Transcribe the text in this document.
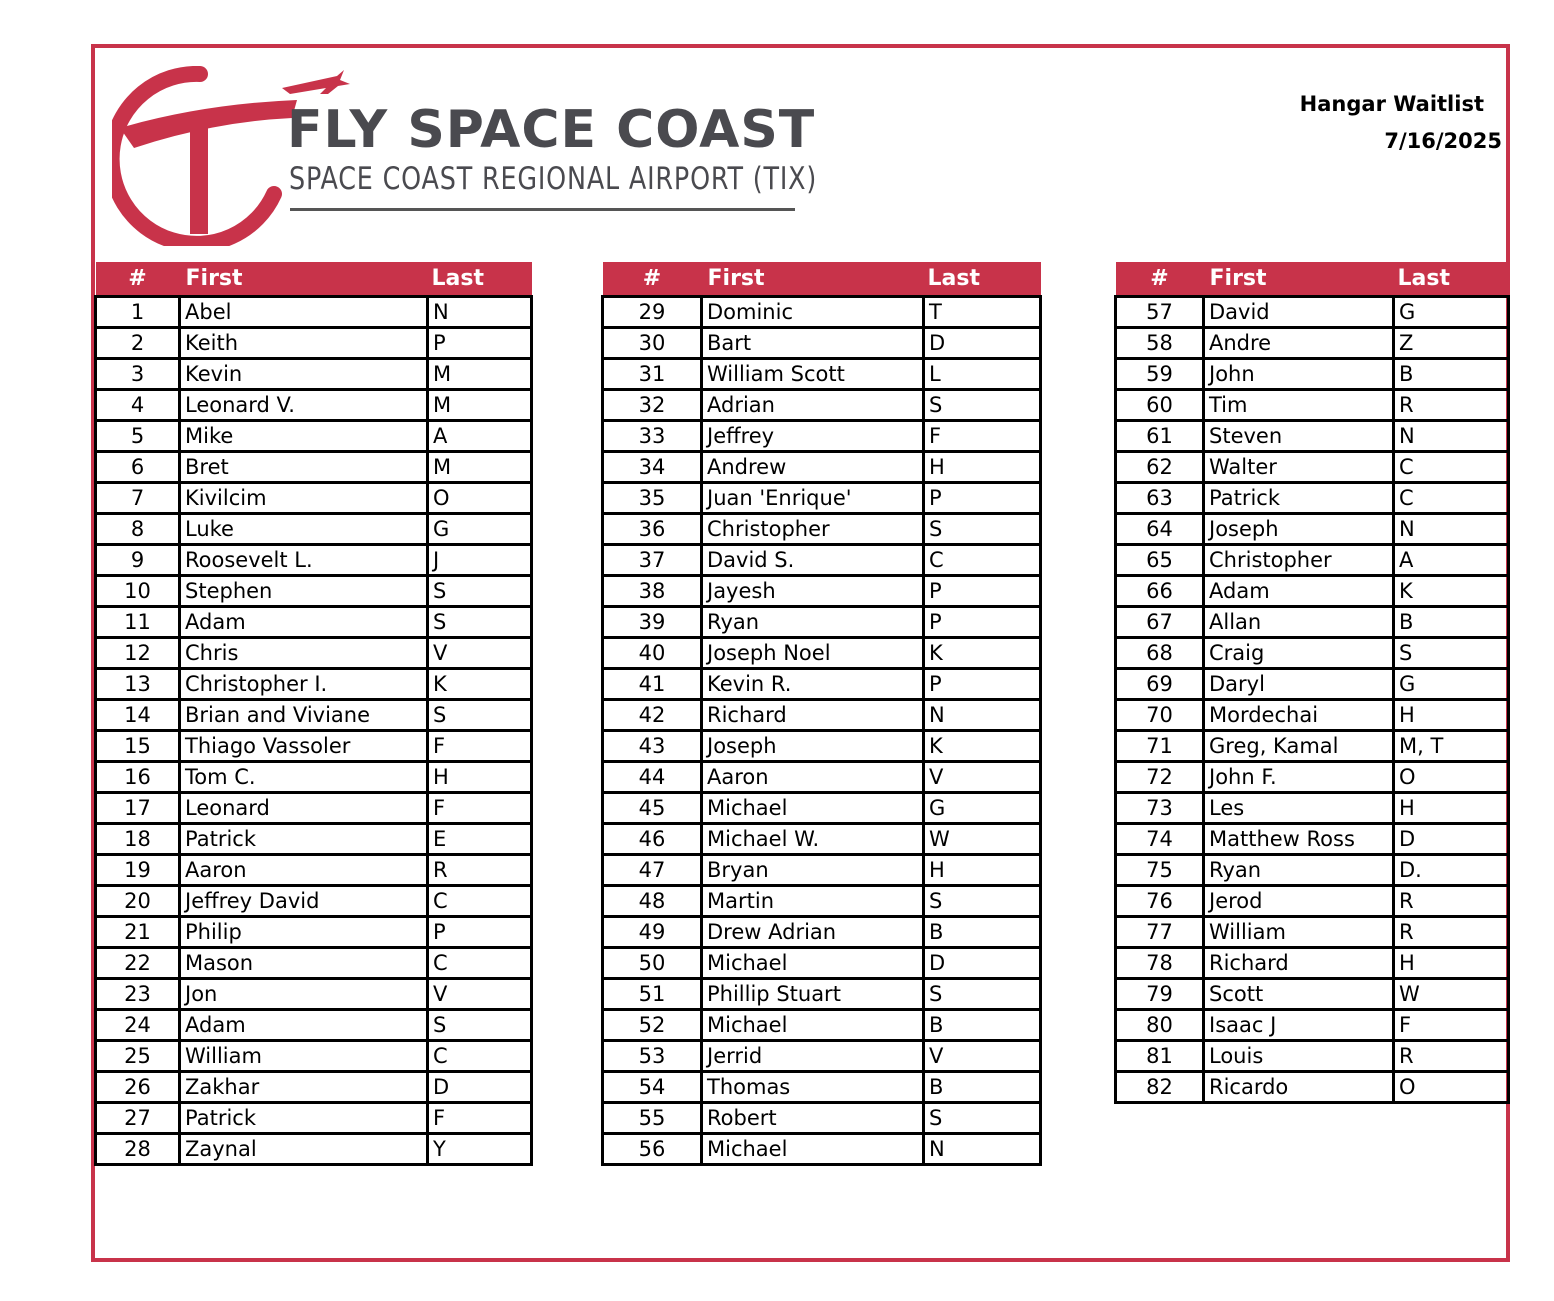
FLY SPACE COAST
SPACE COAST REGIONAL AIRPORT (TIX)
Hangar Waitlist
7/16/2025
#	First	Last
1	Abel	N
2	Keith	P
3	Kevin	M
4	Leonard V.	M
5	Mike	A
6	Bret	M
7	Kivilcim	O
8	Luke	G
9	Roosevelt L.	J
10	Stephen	S
11	Adam	S
12	Chris	V
13	Christopher I.	K
14	Brian and Viviane	S
15	Thiago Vassoler	F
16	Tom C.	H
17	Leonard	F
18	Patrick	E
19	Aaron	R
20	Jeffrey David	C
21	Philip	P
22	Mason	C
23	Jon	V
24	Adam	S
25	William	C
26	Zakhar	D
27	Patrick	F
28	Zaynal	Y
#	First	Last
29	Dominic	T
30	Bart	D
31	William Scott	L
32	Adrian	S
33	Jeffrey	F
34	Andrew	H
35	Juan 'Enrique'	P
36	Christopher	S
37	David S.	C
38	Jayesh	P
39	Ryan	P
40	Joseph Noel	K
41	Kevin R.	P
42	Richard	N
43	Joseph	K
44	Aaron	V
45	Michael	G
46	Michael W.	W
47	Bryan	H
48	Martin	S
49	Drew Adrian	B
50	Michael	D
51	Phillip Stuart	S
52	Michael	B
53	Jerrid	V
54	Thomas	B
55	Robert	S
56	Michael	N
#	First	Last
57	David	G
58	Andre	Z
59	John	B
60	Tim	R
61	Steven	N
62	Walter	C
63	Patrick	C
64	Joseph	N
65	Christopher	A
66	Adam	K
67	Allan	B
68	Craig	S
69	Daryl	G
70	Mordechai	H
71	Greg, Kamal	M, T
72	John F.	O
73	Les	H
74	Matthew Ross	D
75	Ryan	D.
76	Jerod	R
77	William	R
78	Richard	H
79	Scott	W
80	Isaac J	F
81	Louis	R
82	Ricardo	O
